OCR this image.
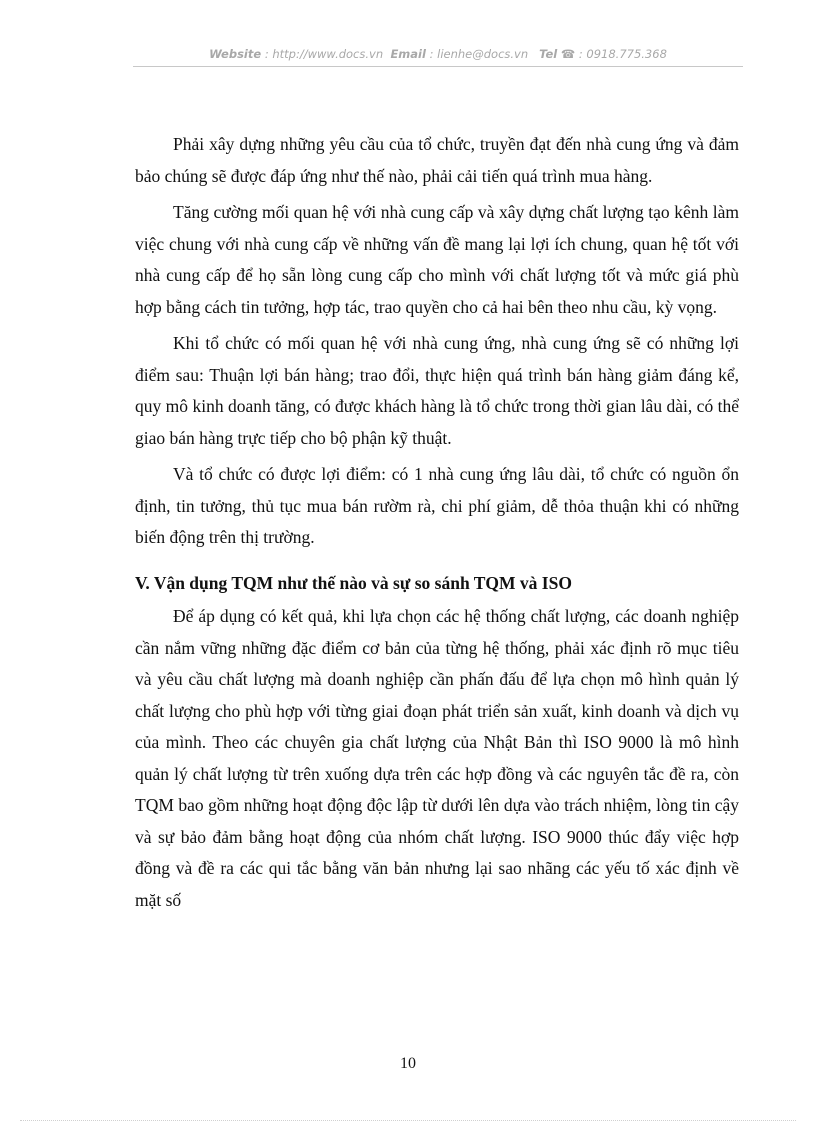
Website : http://www.docs.vn Email : lienhe@docs.vn Tel ☎ : 0918.775.368

Phải xây dựng những yêu cầu của tổ chức, truyền đạt đến nhà cung ứng và đảm bảo chúng sẽ được đáp ứng như thế nào, phải cải tiến quá trình mua hàng.

Tăng cường mối quan hệ với nhà cung cấp và xây dựng chất lượng tạo kênh làm việc chung với nhà cung cấp về những vấn đề mang lại lợi ích chung, quan hệ tốt với nhà cung cấp để họ sẵn lòng cung cấp cho mình với chất lượng tốt và mức giá phù hợp bằng cách tin tưởng, hợp tác, trao quyền cho cả hai bên theo nhu cầu, kỳ vọng.

Khi tổ chức có mối quan hệ với nhà cung ứng, nhà cung ứng sẽ có những lợi điểm sau: Thuận lợi bán hàng; trao đổi, thực hiện quá trình bán hàng giảm đáng kể, quy mô kinh doanh tăng, có được khách hàng là tổ chức trong thời gian lâu dài, có thể giao bán hàng trực tiếp cho bộ phận kỹ thuật.

Và tổ chức có được lợi điểm: có 1 nhà cung ứng lâu dài, tổ chức có nguồn ổn định, tin tưởng, thủ tục mua bán rườm rà, chi phí giảm, dễ thỏa thuận khi có những biến động trên thị trường.

V. Vận dụng TQM như thế nào và sự so sánh TQM và ISO

Để áp dụng có kết quả, khi lựa chọn các hệ thống chất lượng, các doanh nghiệp cần nắm vững những đặc điểm cơ bản của từng hệ thống, phải xác định rõ mục tiêu và yêu cầu chất lượng mà doanh nghiệp cần phấn đấu để lựa chọn mô hình quản lý chất lượng cho phù hợp với từng giai đoạn phát triển sản xuất, kinh doanh và dịch vụ của mình. Theo các chuyên gia chất lượng của Nhật Bản thì ISO 9000 là mô hình quản lý chất lượng từ trên xuống dựa trên các hợp đồng và các nguyên tắc đề ra, còn TQM bao gồm những hoạt động độc lập từ dưới lên dựa vào trách nhiệm, lòng tin cậy và sự bảo đảm bằng hoạt động của nhóm chất lượng. ISO 9000 thúc đẩy việc hợp đồng và đề ra các qui tắc bằng văn bản nhưng lại sao nhãng các yếu tố xác định về mặt số

10
